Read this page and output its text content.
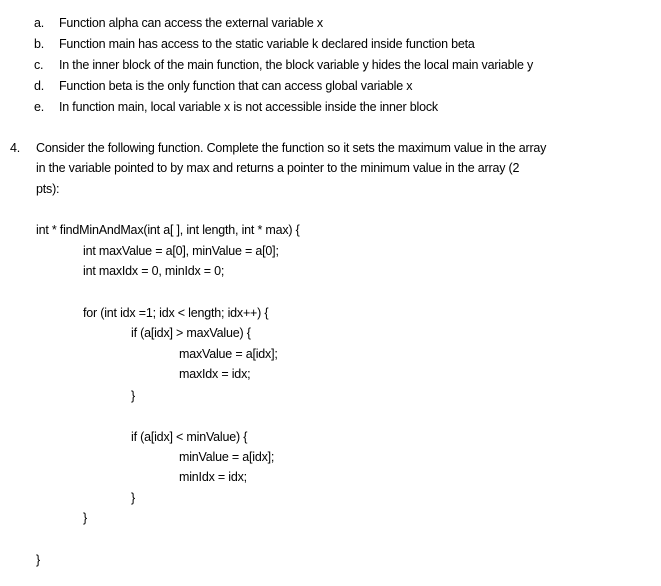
a. Function alpha can access the external variable x
b. Function main has access to the static variable k declared inside function beta
c. In the inner block of the main function, the block variable y hides the local main variable y
d. Function beta is the only function that can access global variable x
e. In function main, local variable x is not accessible inside the inner block
4. Consider the following function. Complete the function so it sets the maximum value in the array
in the variable pointed to by max and returns a pointer to the minimum value in the array (2
pts):
int * findMinAndMax(int a[ ], int length, int * max) {
int maxValue = a[0], minValue = a[0];
int maxIdx = 0, minIdx = 0;
for (int idx =1; idx < length; idx++) {
if (a[idx] > maxValue) {
maxValue = a[idx];
maxIdx = idx;
}
if (a[idx] < minValue) {
minValue = a[idx];
minIdx = idx;
}
}
}
